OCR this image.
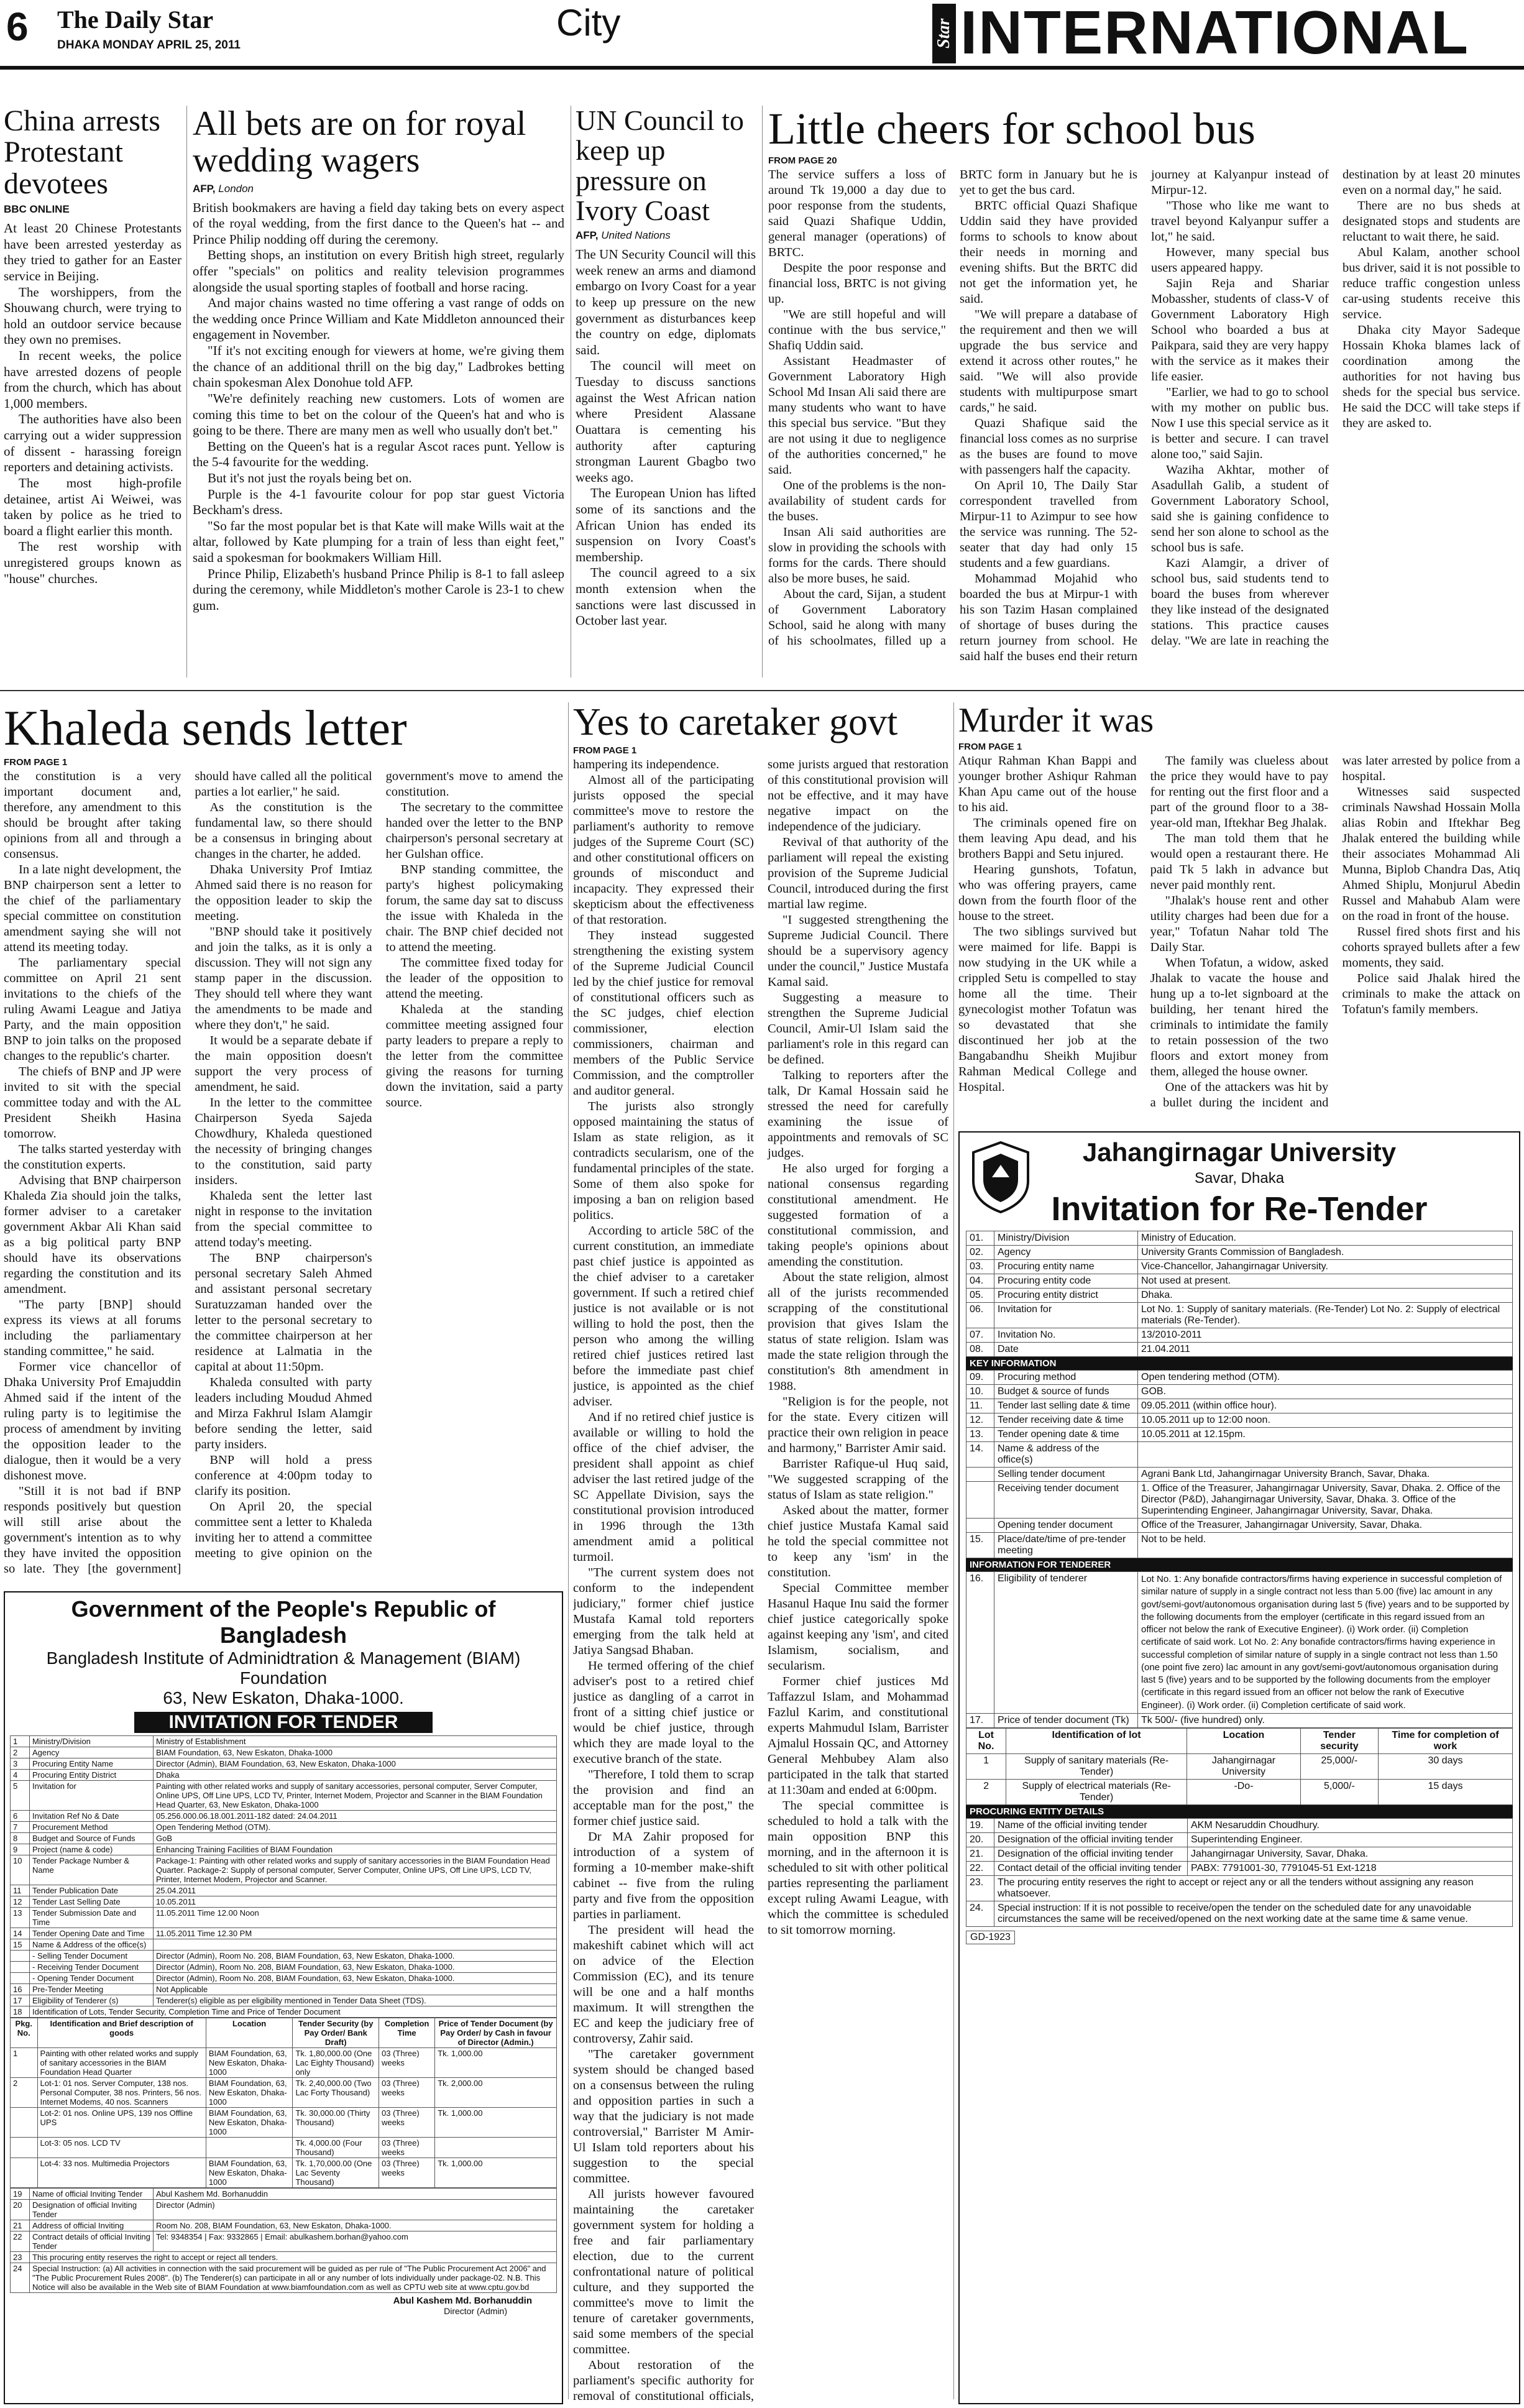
6 The Daily Star
DHAKA MONDAY APRIL 25, 2011
City	Star INTERNATIONAL
China arrests Protestant devotees
BBC ONLINE

At least 20 Chinese Protestants have been arrested yesterday as they tried to gather for an Easter service in Beijing.

The worshippers, from the Shouwang church, were trying to hold an outdoor service because they own no premises.

In recent weeks, the police have arrested dozens of people from the church, which has about 1,000 members.

The authorities have also been carrying out a wider suppression of dissent - harassing foreign reporters and detaining activists.

The most high-profile detainee, artist Ai Weiwei, was taken by police as he tried to board a flight earlier this month.

The rest worship with unregistered groups known as "house" churches.

All bets are on for royal wedding wagers
AFP, London

British bookmakers are having a field day taking bets on every aspect of the royal wedding, from the first dance to the Queen's hat -- and Prince Philip nodding off during the ceremony.

Betting shops, an institution on every British high street, regularly offer "specials" on politics and reality television programmes alongside the usual sporting staples of football and horse racing.

And major chains wasted no time offering a vast range of odds on the wedding once Prince William and Kate Middleton announced their engagement in November.

"If it's not exciting enough for viewers at home, we're giving them the chance of an additional thrill on the big day," Ladbrokes betting chain spokesman Alex Donohue told AFP.

"We're definitely reaching new customers. Lots of women are coming this time to bet on the colour of the Queen's hat and who is going to be there. There are many men as well who usually don't bet."

Betting on the Queen's hat is a regular Ascot races punt. Yellow is the 5-4 favourite for the wedding.

But it's not just the royals being bet on.

Purple is the 4-1 favourite colour for pop star guest Victoria Beckham's dress.

"So far the most popular bet is that Kate will make Wills wait at the altar, followed by Kate plumping for a train of less than eight feet," said a spokesman for bookmakers William Hill.

Prince Philip, Elizabeth's husband Prince Philip is 8-1 to fall asleep during the ceremony, while Middleton's mother Carole is 23-1 to chew gum.

UN Council to keep up pressure on Ivory Coast
AFP, United Nations

The UN Security Council will this week renew an arms and diamond embargo on Ivory Coast for a year to keep up pressure on the new government as disturbances keep the country on edge, diplomats said.

The council will meet on Tuesday to discuss sanctions against the West African nation where President Alassane Ouattara is cementing his authority after capturing strongman Laurent Gbagbo two weeks ago.

The European Union has lifted some of its sanctions and the African Union has ended its suspension on Ivory Coast's membership.

The council agreed to a six month extension when the sanctions were last discussed in October last year.

Little cheers for school bus
FROM PAGE 20

The service suffers a loss of around Tk 19,000 a day due to poor response from the students, said Quazi Shafique Uddin, general manager (operations) of BRTC.

Despite the poor response and financial loss, BRTC is not giving up.

"We are still hopeful and will continue with the bus service," Shafiq Uddin said.

Assistant Headmaster of Government Laboratory High School Md Insan Ali said there are many students who want to have this special bus service. "But they are not using it due to negligence of the authorities concerned," he said.

One of the problems is the non-availability of student cards for the buses.

Insan Ali said authorities are slow in providing the schools with forms for the cards. There should also be more buses, he said.

About the card, Sijan, a student of Government Laboratory School, said he along with many of his schoolmates, filled up a BRTC form in January but he is yet to get the bus card.

BRTC official Quazi Shafique Uddin said they have provided forms to schools to know about their needs in morning and evening shifts. But the BRTC did not get the information yet, he said.

"We will prepare a database of the requirement and then we will upgrade the bus service and extend it across other routes," he said. "We will also provide students with multipurpose smart cards," he said.

Quazi Shafique said the financial loss comes as no surprise as the buses are found to move with passengers half the capacity.

On April 10, The Daily Star correspondent travelled from Mirpur-11 to Azimpur to see how the service was running. The 52-seater that day had only 15 students and a few guardians.

Mohammad Mojahid who boarded the bus at Mirpur-1 with his son Tazim Hasan complained of shortage of buses during the return journey from school. He said half the buses end their return journey at Kalyanpur instead of Mirpur-12.

"Those who like me want to travel beyond Kalyanpur suffer a lot," he said.

However, many special bus users appeared happy.

Sajin Reja and Shariar Mobassher, students of class-V of Government Laboratory High School who boarded a bus at Paikpara, said they are very happy with the service as it makes their life easier.

"Earlier, we had to go to school with my mother on public bus. Now I use this special service as it is better and secure. I can travel alone too," said Sajin.

Waziha Akhtar, mother of Asadullah Galib, a student of Government Laboratory School, said she is gaining confidence to send her son alone to school as the school bus is safe.

Kazi Alamgir, a driver of school bus, said students tend to board the buses from wherever they like instead of the designated stations. This practice causes delay. "We are late in reaching the destination by at least 20 minutes even on a normal day," he said.

There are no bus sheds at designated stops and students are reluctant to wait there, he said.

Abul Kalam, another school bus driver, said it is not possible to reduce traffic congestion unless car-using students receive this service.

Dhaka city Mayor Sadeque Hossain Khoka blames lack of coordination among the authorities for not having bus sheds for the special bus service. He said the DCC will take steps if they are asked to.

Khaleda sends letter
FROM PAGE 1

the constitution is a very important document and, therefore, any amendment to this should be brought after taking opinions from all and through a consensus.

In a late night development, the BNP chairperson sent a letter to the chief of the parliamentary special committee on constitution amendment saying she will not attend its meeting today.

The parliamentary special committee on April 21 sent invitations to the chiefs of the ruling Awami League and Jatiya Party, and the main opposition BNP to join talks on the proposed changes to the republic's charter.

The chiefs of BNP and JP were invited to sit with the special committee today and with the AL President Sheikh Hasina tomorrow.

The talks started yesterday with the constitution experts.

Advising that BNP chairperson Khaleda Zia should join the talks, former adviser to a caretaker government Akbar Ali Khan said as a big political party BNP should have its observations regarding the constitution and its amendment.

"The party [BNP] should express its views at all forums including the parliamentary standing committee," he said.

Former vice chancellor of Dhaka University Prof Emajuddin Ahmed said if the intent of the ruling party is to legitimise the process of amendment by inviting the opposition leader to the dialogue, then it would be a very dishonest move.

"Still it is not bad if BNP responds positively but question will still arise about the government's intention as to why they have invited the opposition so late. They [the government] should have called all the political parties a lot earlier," he said.

As the constitution is the fundamental law, so there should be a consensus in bringing about changes in the charter, he added.

Dhaka University Prof Imtiaz Ahmed said there is no reason for the opposition leader to skip the meeting.

"BNP should take it positively and join the talks, as it is only a discussion. They will not sign any stamp paper in the discussion. They should tell where they want the amendments to be made and where they don't," he said.

It would be a separate debate if the main opposition doesn't support the very process of amendment, he said.

In the letter to the committee Chairperson Syeda Sajeda Chowdhury, Khaleda questioned the necessity of bringing changes to the constitution, said party insiders.

Khaleda sent the letter last night in response to the invitation from the special committee to attend today's meeting.

The BNP chairperson's personal secretary Saleh Ahmed and assistant personal secretary Suratuzzaman handed over the letter to the personal secretary to the committee chairperson at her residence at Lalmatia in the capital at about 11:50pm.

Khaleda consulted with party leaders including Moudud Ahmed and Mirza Fakhrul Islam Alamgir before sending the letter, said party insiders.

BNP will hold a press conference at 4:00pm today to clarify its position.

On April 20, the special committee sent a letter to Khaleda inviting her to attend a committee meeting to give opinion on the government's move to amend the constitution.

The secretary to the committee handed over the letter to the BNP chairperson's personal secretary at her Gulshan office.

BNP standing committee, the party's highest policymaking forum, the same day sat to discuss the issue with Khaleda in the chair. The BNP chief decided not to attend the meeting.

The committee fixed today for the leader of the opposition to attend the meeting.

Khaleda at the standing committee meeting assigned four party leaders to prepare a reply to the letter from the committee giving the reasons for turning down the invitation, said a party source.

Yes to caretaker govt
FROM PAGE 1

hampering its independence.

Almost all of the participating jurists opposed the special committee's move to restore the parliament's authority to remove judges of the Supreme Court (SC) and other constitutional officers on grounds of misconduct and incapacity. They expressed their skepticism about the effectiveness of that restoration.

They instead suggested strengthening the existing system of the Supreme Judicial Council led by the chief justice for removal of constitutional officers such as the SC judges, chief election commissioner, election commissioners, chairman and members of the Public Service Commission, and the comptroller and auditor general.

The jurists also strongly opposed maintaining the status of Islam as state religion, as it contradicts secularism, one of the fundamental principles of the state. Some of them also spoke for imposing a ban on religion based politics.

According to article 58C of the current constitution, an immediate past chief justice is appointed as the chief adviser to a caretaker government. If such a retired chief justice is not available or is not willing to hold the post, then the person who among the willing retired chief justices retired last before the immediate past chief justice, is appointed as the chief adviser.

And if no retired chief justice is available or willing to hold the office of the chief adviser, the president shall appoint as chief adviser the last retired judge of the SC Appellate Division, says the constitutional provision introduced in 1996 through the 13th amendment amid a political turmoil.

"The current system does not conform to the independent judiciary," former chief justice Mustafa Kamal told reporters emerging from the talk held at Jatiya Sangsad Bhaban.

He termed offering of the chief adviser's post to a retired chief justice as dangling of a carrot in front of a sitting chief justice or would be chief justice, through which they are made loyal to the executive branch of the state.

"Therefore, I told them to scrap the provision and find an acceptable man for the post," the former chief justice said.

Dr MA Zahir proposed for introduction of a system of forming a 10-member make-shift cabinet -- five from the ruling party and five from the opposition parties in parliament.

The president will head the makeshift cabinet which will act on advice of the Election Commission (EC), and its tenure will be one and a half months maximum. It will strengthen the EC and keep the judiciary free of controversy, Zahir said.

"The caretaker government system should be changed based on a consensus between the ruling and opposition parties in such a way that the judiciary is not made controversial," Barrister M Amir-Ul Islam told reporters about his suggestion to the special committee.

All jurists however favoured maintaining the caretaker government system for holding a free and fair parliamentary election, due to the current confrontational nature of political culture, and they supported the committee's move to limit the tenure of caretaker governments, said some members of the special committee.

About restoration of the parliament's specific authority for removal of constitutional officials, some jurists argued that restoration of this constitutional provision will not be effective, and it may have negative impact on the independence of the judiciary.

Revival of that authority of the parliament will repeal the existing provision of the Supreme Judicial Council, introduced during the first martial law regime.

"I suggested strengthening the Supreme Judicial Council. There should be a supervisory agency under the council," Justice Mustafa Kamal said.

Suggesting a measure to strengthen the Supreme Judicial Council, Amir-Ul Islam said the parliament's role in this regard can be defined.

Talking to reporters after the talk, Dr Kamal Hossain said he stressed the need for carefully examining the issue of appointments and removals of SC judges.

He also urged for forging a national consensus regarding constitutional amendment. He suggested formation of a constitutional commission, and taking people's opinions about amending the constitution.

About the state religion, almost all of the jurists recommended scrapping of the constitutional provision that gives Islam the status of state religion. Islam was made the state religion through the constitution's 8th amendment in 1988.

"Religion is for the people, not for the state. Every citizen will practice their own religion in peace and harmony," Barrister Amir said.

Barrister Rafique-ul Huq said, "We suggested scrapping of the status of Islam as state religion."

Asked about the matter, former chief justice Mustafa Kamal said he told the special committee not to keep any 'ism' in the constitution.

Special Committee member Hasanul Haque Inu said the former chief justice categorically spoke against keeping any 'ism', and cited Islamism, socialism, and secularism.

Former chief justices Md Taffazzul Islam, and Mohammad Fazlul Karim, and constitutional experts Mahmudul Islam, Barrister Ajmalul Hossain QC, and Attorney General Mehbubey Alam also participated in the talk that started at 11:30am and ended at 6:00pm.

The special committee is scheduled to hold a talk with the main opposition BNP this morning, and in the afternoon it is scheduled to sit with other political parties representing the parliament except ruling Awami League, with which the committee is scheduled to sit tomorrow morning.

Murder it was
FROM PAGE 1

Atiqur Rahman Khan Bappi and younger brother Ashiqur Rahman Khan Apu came out of the house to his aid.

The criminals opened fire on them leaving Apu dead, and his brothers Bappi and Setu injured.

Hearing gunshots, Tofatun, who was offering prayers, came down from the fourth floor of the house to the street.

The two siblings survived but were maimed for life. Bappi is now studying in the UK while a crippled Setu is compelled to stay home all the time. Their gynecologist mother Tofatun was so devastated that she discontinued her job at the Bangabandhu Sheikh Mujibur Rahman Medical College and Hospital.

The family was clueless about the price they would have to pay for renting out the first floor and a part of the ground floor to a 38-year-old man, Iftekhar Beg Jhalak.

The man told them that he would open a restaurant there. He paid Tk 5 lakh in advance but never paid monthly rent.

"Jhalak's house rent and other utility charges had been due for a year," Tofatun Nahar told The Daily Star.

When Tofatun, a widow, asked Jhalak to vacate the house and hung up a to-let signboard at the building, her tenant hired the criminals to intimidate the family to retain possession of the two floors and extort money from them, alleged the house owner.

One of the attackers was hit by a bullet during the incident and was later arrested by police from a hospital.

Witnesses said suspected criminals Nawshad Hossain Molla alias Robin and Iftekhar Beg Jhalak entered the building while their associates Mohammad Ali Munna, Biplob Chandra Das, Atiq Ahmed Shiplu, Monjurul Abedin Russel and Mahabub Alam were on the road in front of the house.

Russel fired shots first and his cohorts sprayed bullets after a few moments, they said.

Police said Jhalak hired the criminals to make the attack on Tofatun's family members.

Jahangirnagar University
Savar, Dhaka
Invitation for Re-Tender
01.	Ministry/Division	Ministry of Education.
02.	Agency	University Grants Commission of Bangladesh.
03.	Procuring entity name	Vice-Chancellor, Jahangirnagar University.
04.	Procuring entity code	Not used at present.
05.	Procuring entity district	Dhaka.
06.	Invitation for	Lot No. 1: Supply of sanitary materials. (Re-Tender) Lot No. 2: Supply of electrical materials (Re-Tender).
07.	Invitation No.	13/2010-2011
08.	Date	21.04.2011
KEY INFORMATION
09.	Procuring method	Open tendering method (OTM).
10.	Budget & source of funds	GOB.
11.	Tender last selling date & time	09.05.2011 (within office hour).
12.	Tender receiving date & time	10.05.2011 up to 12:00 noon.
13.	Tender opening date & time	10.05.2011 at 12.15pm.
14.	Name & address of the office(s)	
	Selling tender document	Agrani Bank Ltd, Jahangirnagar University Branch, Savar, Dhaka.
	Receiving tender document	1. Office of the Treasurer, Jahangirnagar University, Savar, Dhaka. 2. Office of the Director (P&D), Jahangirnagar University, Savar, Dhaka. 3. Office of the Superintending Engineer, Jahangirnagar University, Savar, Dhaka.
	Opening tender document	Office of the Treasurer, Jahangirnagar University, Savar, Dhaka.
15.	Place/date/time of pre-tender meeting	Not to be held.
INFORMATION FOR TENDERER
16.	Eligibility of tenderer	Lot No. 1: Any bonafide contractors/firms having experience in successful completion of similar nature of supply in a single contract not less than 5.00 (five) lac amount in any govt/semi-govt/autonomous organisation during last 5 (five) years and to be supported by the following documents from the employer (certificate in this regard issued from an officer not below the rank of Executive Engineer). (i) Work order. (ii) Completion certificate of said work. Lot No. 2: Any bonafide contractors/firms having experience in successful completion of similar nature of supply in a single contract not less than 1.50 (one point five zero) lac amount in any govt/semi-govt/autonomous organisation during last 5 (five) years and to be supported by the following documents from the employer (certificate in this regard issued from an officer not below the rank of Executive Engineer). (i) Work order. (ii) Completion certificate of said work.
17.	Price of tender document (Tk)	Tk 500/- (five hundred) only.
Lot No.	Identification of lot	Location	Tender security	Time for completion of work
1	Supply of sanitary materials (Re-Tender)	Jahangirnagar University	25,000/-	30 days
2	Supply of electrical materials (Re-Tender)	-Do-	5,000/-	15 days
PROCURING ENTITY DETAILS
19.	Name of the official inviting tender	AKM Nesaruddin Choudhury.
20.	Designation of the official inviting tender	Superintending Engineer.
21.	Designation of the official inviting tender	Jahangirnagar University, Savar, Dhaka.
22.	Contact detail of the official inviting tender	PABX: 7791001-30, 7791045-51 Ext-1218
23.	The procuring entity reserves the right to accept or reject any or all the tenders without assigning any reason whatsoever.	
24.	Special instruction: If it is not possible to receive/open the tender on the scheduled date for any unavoidable circumstances the same will be received/opened on the next working date at the same time & same venue.	
GD-1923
Government of the People's Republic of Bangladesh
Bangladesh Institute of Adminidtration & Management (BIAM) Foundation
63, New Eskaton, Dhaka-1000.
INVITATION FOR TENDER
1	Ministry/Division	Ministry of Establishment
2	Agency	BIAM Foundation, 63, New Eskaton, Dhaka-1000
3	Procuring Entity Name	Director (Admin), BIAM Foundation, 63, New Eskaton, Dhaka-1000
4	Procuring Entity District	Dhaka
5	Invitation for	Painting with other related works and supply of sanitary accessories, personal computer, Server Computer, Online UPS, Off Line UPS, LCD TV, Printer, Internet Modem, Projector and Scanner in the BIAM Foundation Head Quarter, 63, New Eskaton, Dhaka-1000
6	Invitation Ref No & Date	05.256.000.06.18.001.2011-182 dated: 24.04.2011
7	Procurement Method	Open Tendering Method (OTM).
8	Budget and Source of Funds	GoB
9	Project (name & code)	Enhancing Training Facilities of BIAM Foundation
10	Tender Package Number & Name	Package-1: Painting with other related works and supply of sanitary accessories in the BIAM Foundation Head Quarter. Package-2: Supply of personal computer, Server Computer, Online UPS, Off Line UPS, LCD TV, Printer, Internet Modem, Projector and Scanner.
11	Tender Publication Date	25.04.2011
12	Tender Last Selling Date	10.05.2011
13	Tender Submission Date and Time	11.05.2011 Time 12.00 Noon
14	Tender Opening Date and Time	11.05.2011 Time 12.30 PM
15	Name & Address of the office(s)	
	- Selling Tender Document	Director (Admin), Room No. 208, BIAM Foundation, 63, New Eskaton, Dhaka-1000.
	- Receiving Tender Document	Director (Admin), Room No. 208, BIAM Foundation, 63, New Eskaton, Dhaka-1000.
	- Opening Tender Document	Director (Admin), Room No. 208, BIAM Foundation, 63, New Eskaton, Dhaka-1000.
16	Pre-Tender Meeting	Not Applicable
17	Eligibility of Tenderer (s)	Tenderer(s) eligible as per eligibility mentioned in Tender Data Sheet (TDS).
18	Identification of Lots, Tender Security, Completion Time and Price of Tender Document	
Pkg. No.	Identification and Brief description of goods	Location	Tender Security (by Pay Order/ Bank Draft)	Completion Time	Price of Tender Document (by Pay Order/ by Cash in favour of Director (Admin.)
1	Painting with other related works and supply of sanitary accessories in the BIAM Foundation Head Quarter	BIAM Foundation, 63, New Eskaton, Dhaka-1000	Tk. 1,80,000.00 (One Lac Eighty Thousand) only	03 (Three) weeks	Tk. 1,000.00
2	Lot-1: 01 nos. Server Computer, 138 nos. Personal Computer, 38 nos. Printers, 56 nos. Internet Modems, 40 nos. Scanners	BIAM Foundation, 63, New Eskaton, Dhaka-1000	Tk. 2,40,000.00 (Two Lac Forty Thousand)	03 (Three) weeks	Tk. 2,000.00
	Lot-2: 01 nos. Online UPS, 139 nos Offline UPS	BIAM Foundation, 63, New Eskaton, Dhaka-1000	Tk. 30,000.00 (Thirty Thousand)	03 (Three) weeks	Tk. 1,000.00
	Lot-3: 05 nos. LCD TV		Tk. 4,000.00 (Four Thousand)	03 (Three) weeks	
	Lot-4: 33 nos. Multimedia Projectors	BIAM Foundation, 63, New Eskaton, Dhaka-1000	Tk. 1,70,000.00 (One Lac Seventy Thousand)	03 (Three) weeks	Tk. 1,000.00
19	Name of official Inviting Tender	Abul Kashem Md. Borhanuddin
20	Designation of official Inviting Tender	Director (Admin)
21	Address of official Inviting	Room No. 208, BIAM Foundation, 63, New Eskaton, Dhaka-1000.
22	Contract details of official Inviting Tender	Tel: 9348354 | Fax: 9332865 | Email: abulkashem.borhan@yahoo.com
23	This procuring entity reserves the right to accept or reject all tenders.	
24	Special Instruction: (a) All activities in connection with the said procurement will be guided as per rule of "The Public Procurement Act 2006" and "The Public Procurement Rules 2008". (b) The Tenderer(s) can participate in all or any number of lots individually under package-02. N.B. This Notice will also be available in the Web site of BIAM Foundation at www.biamfoundation.com as well as CPTU web site at www.cptu.gov.bd	
Abul Kashem Md. Borhanuddin
Director (Admin)
